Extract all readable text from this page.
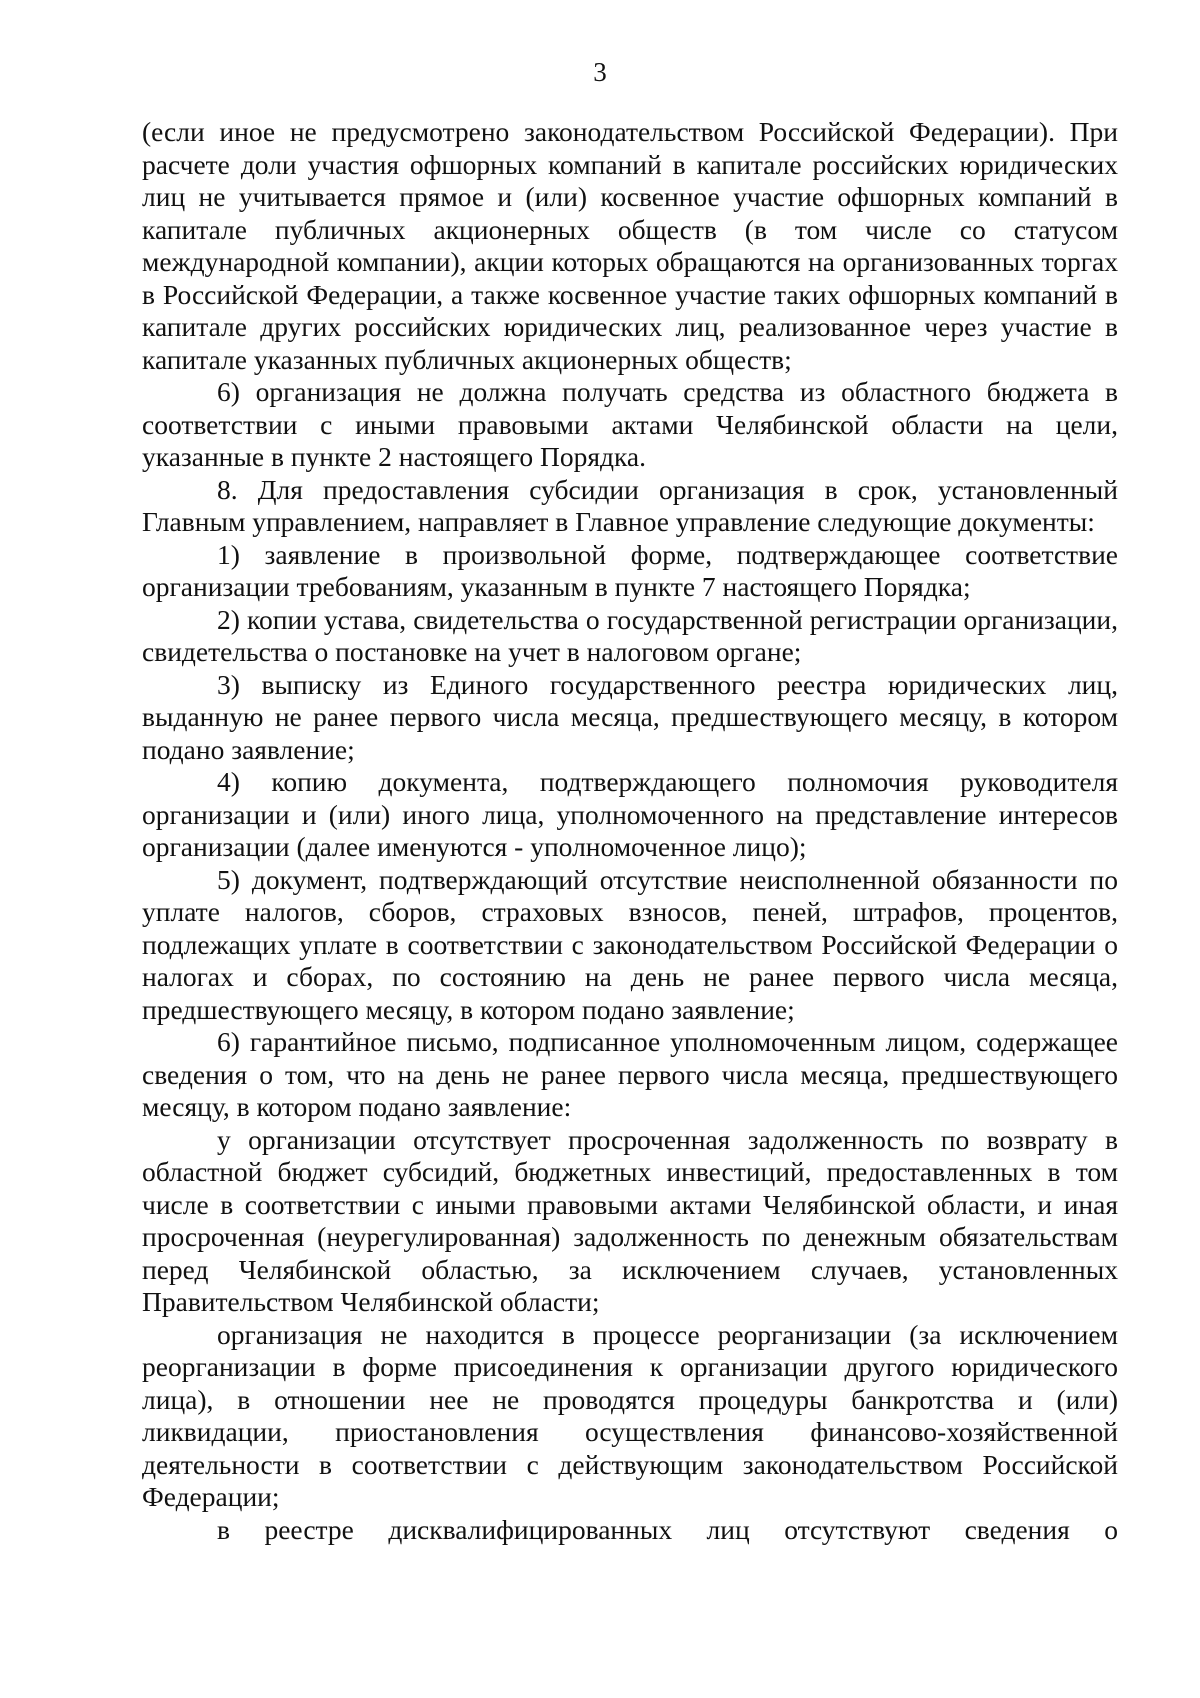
3

(если иное не предусмотрено законодательством Российской Федерации). При расчете доли участия офшорных компаний в капитале российских юридических лиц не учитывается прямое и (или) косвенное участие офшорных компаний в капитале публичных акционерных обществ (в том числе со статусом международной компании), акции которых обращаются на организованных торгах в Российской Федерации, а также косвенное участие таких офшорных компаний в капитале других российских юридических лиц, реализованное через участие в капитале указанных публичных акционерных обществ;

6) организация не должна получать средства из областного бюджета в соответствии с иными правовыми актами Челябинской области на цели, указанные в пункте 2 настоящего Порядка.

8. Для предоставления субсидии организация в срок, установленный Главным управлением, направляет в Главное управление следующие документы:

1) заявление в произвольной форме, подтверждающее соответствие организации требованиям, указанным в пункте 7 настоящего Порядка;

2) копии устава, свидетельства о государственной регистрации организации, свидетельства о постановке на учет в налоговом органе;

3) выписку из Единого государственного реестра юридических лиц, выданную не ранее первого числа месяца, предшествующего месяцу, в котором подано заявление;

4) копию документа, подтверждающего полномочия руководителя организации и (или) иного лица, уполномоченного на представление интересов организации (далее именуются - уполномоченное лицо);

5) документ, подтверждающий отсутствие неисполненной обязанности по уплате налогов, сборов, страховых взносов, пеней, штрафов, процентов, подлежащих уплате в соответствии с законодательством Российской Федерации о налогах и сборах, по состоянию на день не ранее первого числа месяца, предшествующего месяцу, в котором подано заявление;

6) гарантийное письмо, подписанное уполномоченным лицом, содержащее сведения о том, что на день не ранее первого числа месяца, предшествующего месяцу, в котором подано заявление:

у организации отсутствует просроченная задолженность по возврату в областной бюджет субсидий, бюджетных инвестиций, предоставленных в том числе в соответствии с иными правовыми актами Челябинской области, и иная просроченная (неурегулированная) задолженность по денежным обязательствам перед Челябинской областью, за исключением случаев, установленных Правительством Челябинской области;

организация не находится в процессе реорганизации (за исключением реорганизации в форме присоединения к организации другого юридического лица), в отношении нее не проводятся процедуры банкротства и (или) ликвидации, приостановления осуществления финансово-хозяйственной деятельности в соответствии с действующим законодательством Российской Федерации;

в реестре дисквалифицированных лиц отсутствуют сведения о
